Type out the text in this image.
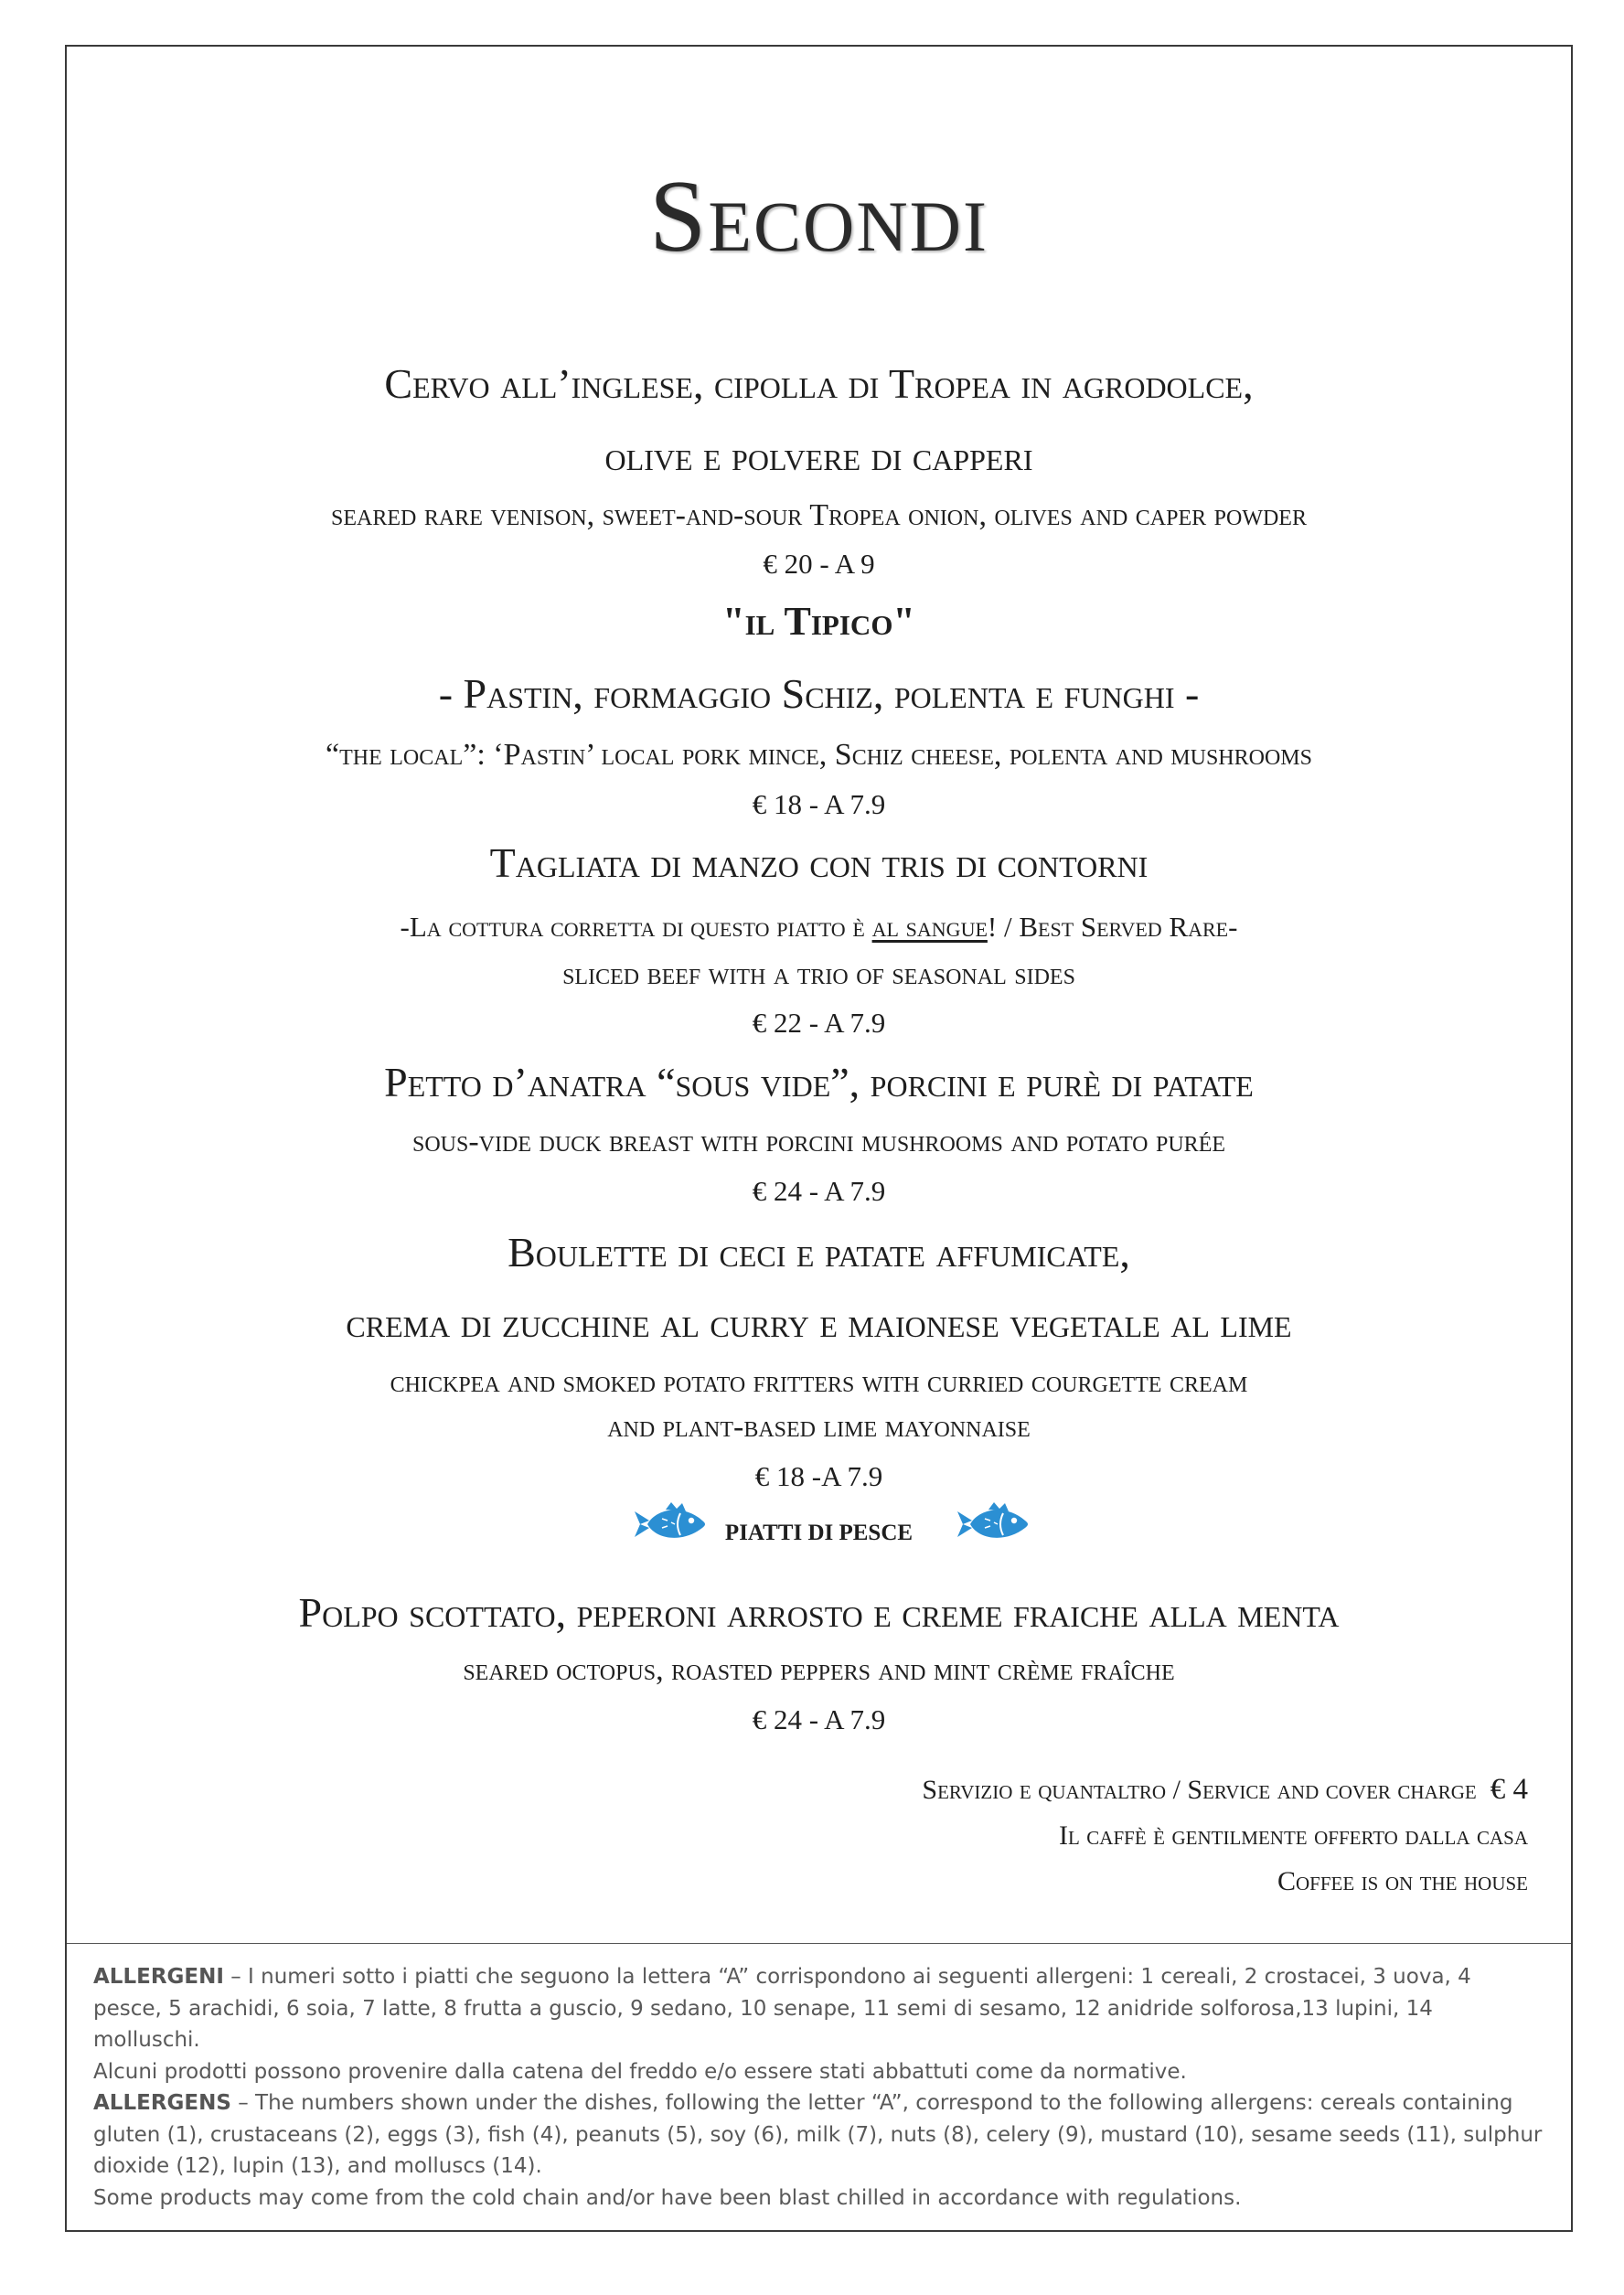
Secondi
Cervo all’inglese, cipolla di Tropea in agrodolce,
olive e polvere di capperi
seared rare venison, sweet-and-sour Tropea onion, olives and caper powder
€ 20 - A 9
"il Tipico"
- Pastin, formaggio Schiz, polenta e funghi -
“the local”: ‘Pastin’ local pork mince, Schiz cheese, polenta and mushrooms
€ 18 - A 7.9
Tagliata di manzo con tris di contorni
-La cottura corretta di questo piatto è al sangue! / Best Served Rare-
sliced beef with a trio of seasonal sides
€ 22 - A 7.9
Petto d’anatra “sous vide”, porcini e purè di patate
sous-vide duck breast with porcini mushrooms and potato purée
€ 24 - A 7.9
Boulette di ceci e patate affumicate,
crema di zucchine al curry e maionese vegetale al lime
chickpea and smoked potato fritters with curried courgette cream
and plant-based lime mayonnaise
€ 18 -A 7.9
PIATTI DI PESCE
Polpo scottato, peperoni arrosto e creme fraiche alla menta
seared octopus, roasted peppers and mint crème fraîche
€ 24 - A 7.9
Servizio e quantaltro / Service and cover charge € 4
Il caffè è gentilmente offerto dalla casa
Coffee is on the house

ALLERGENI – I numeri sotto i piatti che seguono la lettera “A” corrispondono ai seguenti allergeni: 1 cereali, 2 crostacei, 3 uova, 4 pesce, 5 arachidi, 6 soia, 7 latte, 8 frutta a guscio, 9 sedano, 10 senape, 11 semi di sesamo, 12 anidride solforosa,13 lupini, 14 molluschi.

Alcuni prodotti possono provenire dalla catena del freddo e/o essere stati abbattuti come da normative.

ALLERGENS – The numbers shown under the dishes, following the letter “A”, correspond to the following allergens: cereals containing gluten (1), crustaceans (2), eggs (3), fish (4), peanuts (5), soy (6), milk (7), nuts (8), celery (9), mustard (10), sesame seeds (11), sulphur dioxide (12), lupin (13), and molluscs (14).

Some products may come from the cold chain and/or have been blast chilled in accordance with regulations.
